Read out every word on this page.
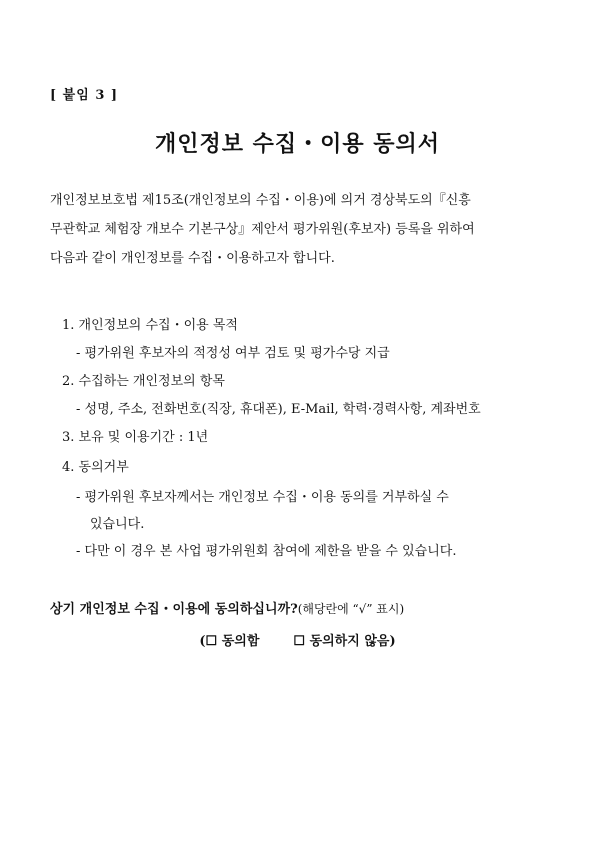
[ 붙임 3 ]
개인정보 수집・이용 동의서
개인정보보호법 제15조(개인정보의 수집・이용)에 의거 경상북도의『신흥
무관학교 체험장 개보수 기본구상』제안서 평가위원(후보자) 등록을 위하여
다음과 같이 개인정보를 수집・이용하고자 합니다.
1. 개인정보의 수집・이용 목적
- 평가위원 후보자의 적정성 여부 검토 및 평가수당 지급
2. 수집하는 개인정보의 항목
- 성명, 주소, 전화번호(직장, 휴대폰), E-Mail, 학력·경력사항, 계좌번호
3. 보유 및 이용기간 : 1년
4. 동의거부
- 평가위원 후보자께서는 개인정보 수집・이용 동의를 거부하실 수
있습니다.
- 다만 이 경우 본 사업 평가위원회 참여에 제한을 받을 수 있습니다.
상기 개인정보 수집・이용에 동의하십니까?(해당란에 “√” 표시)
(☐ 동의함	☐ 동의하지 않음)
